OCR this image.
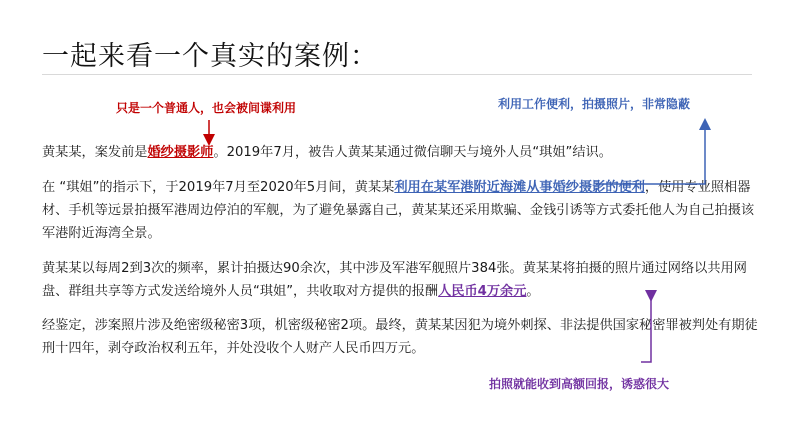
一起来看一个真实的案例：
只是一个普通人，也会被间谍利用	利用工作便利，拍摄照片，非常隐蔽
黄某某，案发前是婚纱摄影师。2019年7月，被告人黄某某通过微信聊天与境外人员“琪姐”结识。
在 “琪姐”的指示下，于2019年7月至2020年5月间，黄某某利用在某军港附近海滩从事婚纱摄影的便利，使用专业照相器材、手机等远景拍摄军港周边停泊的军舰，为了避免暴露自己，黄某某还采用欺骗、金钱引诱等方式委托他人为自己拍摄该军港附近海湾全景。
黄某某以每周2到3次的频率，累计拍摄达90余次，其中涉及军港军舰照片384张。黄某某将拍摄的照片通过网络以共用网盘、群组共享等方式发送给境外人员“琪姐”，共收取对方提供的报酬人民币4万余元。
经鉴定，涉案照片涉及绝密级秘密3项，机密级秘密2项。最终，黄某某因犯为境外刺探、非法提供国家秘密罪被判处有期徒刑十四年，剥夺政治权利五年，并处没收个人财产人民币四万元。
拍照就能收到高额回报，诱惑很大
